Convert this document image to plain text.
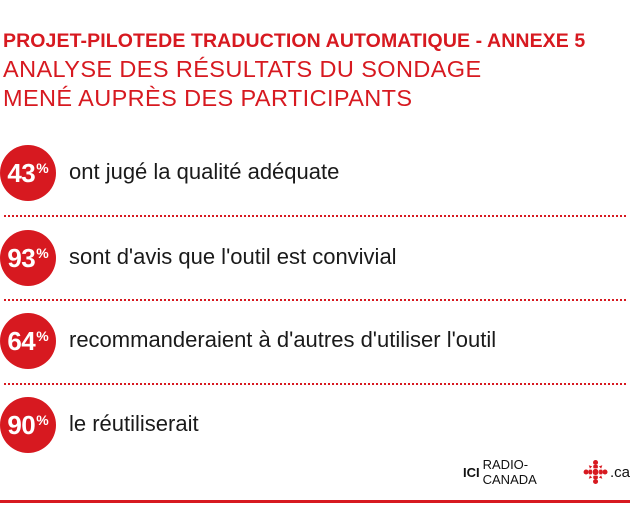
PROJET-PILOTEDE TRADUCTION AUTOMATIQUE - ANNEXE 5
ANALYSE DES RÉSULTATS DU SONDAGE
MENÉ AUPRÈS DES PARTICIPANTS
43 % ont jugé la qualité adéquate
93 % sont d'avis que l'outil est convivial
64 % recommanderaient à d'autres d'utiliser l'outil
90 % le réutiliserait
ICI RADIO-CANADA	.ca
